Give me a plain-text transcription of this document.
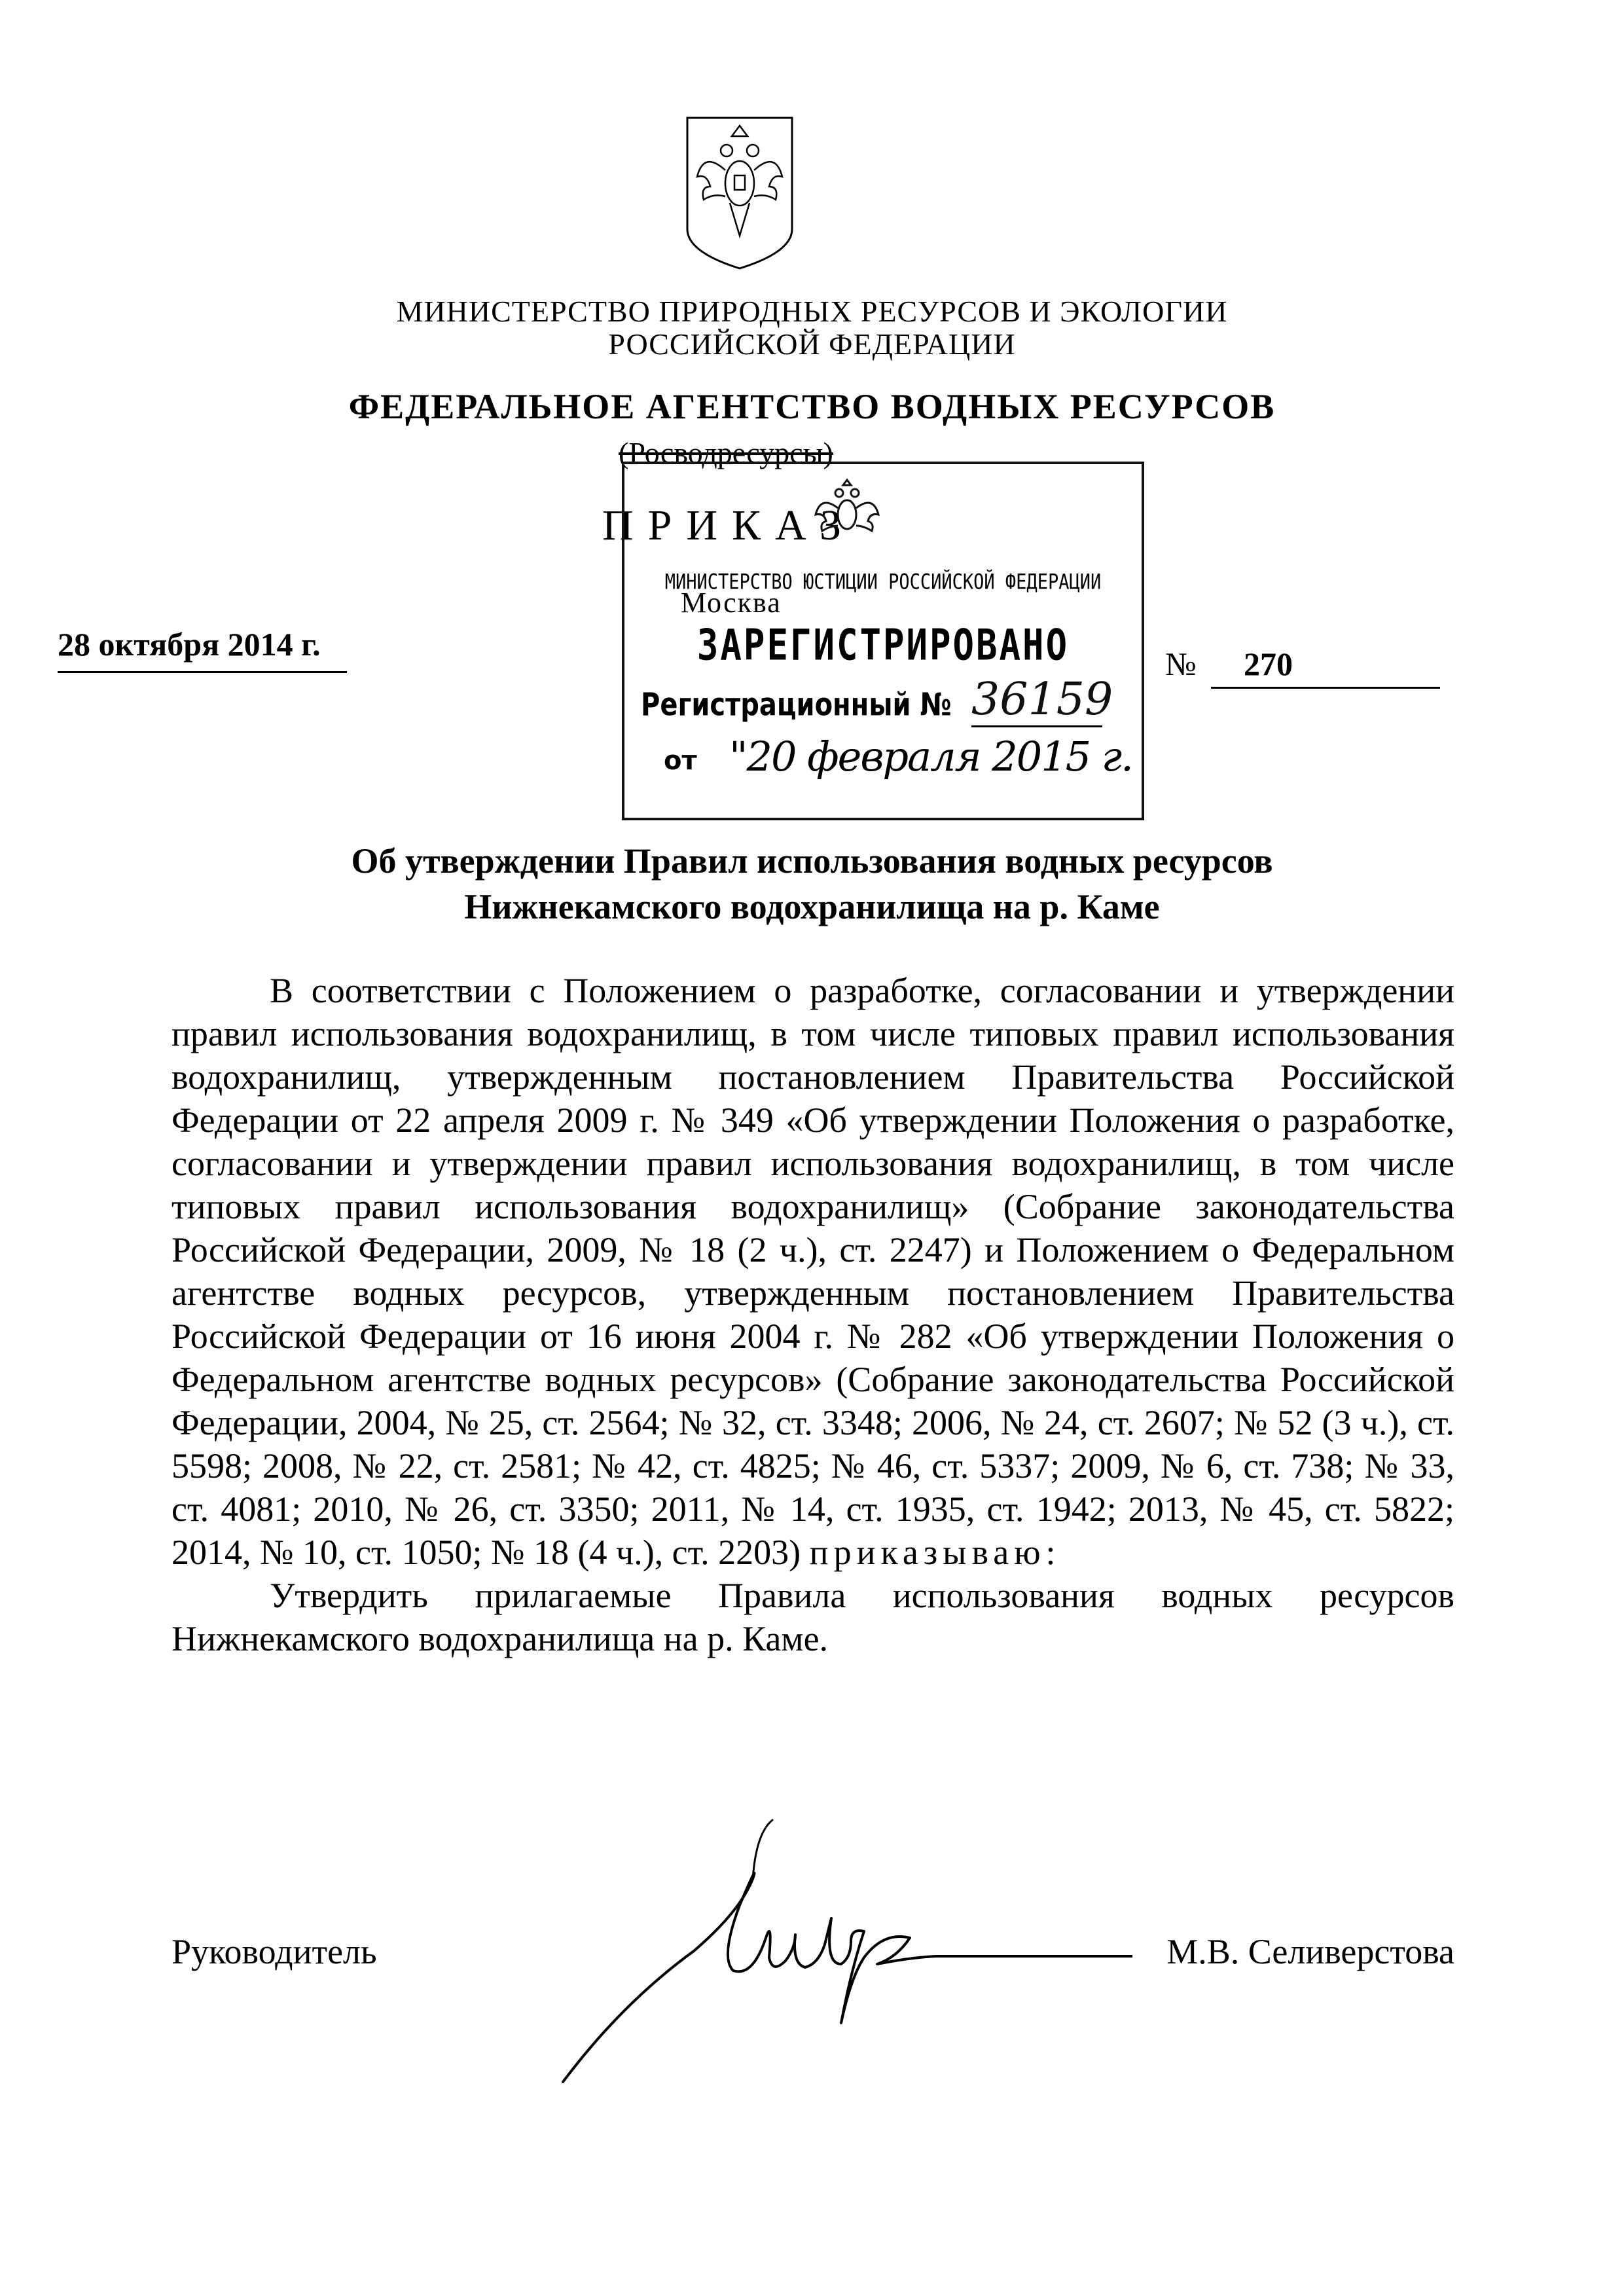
МИНИСТЕРСТВО ПРИРОДНЫХ РЕСУРСОВ И ЭКОЛОГИИ
РОССИЙСКОЙ ФЕДЕРАЦИИ
ФЕДЕРАЛЬНОЕ АГЕНТСТВО ВОДНЫХ РЕСУРСОВ
(Росводресурсы)
ПРИКАЗ
28 октября 2014 г.
№ 270
МИНИСТЕРСТВО ЮСТИЦИИ РОССИЙСКОЙ ФЕДЕРАЦИИ
ЗАРЕГИСТРИРОВАНО
Регистрационный № 36159
от "20 февраля 2015 г.
Москва
Об утверждении Правил использования водных ресурсов
Нижнекамского водохранилища на р. Каме

В соответствии с Положением о разработке, согласовании и утверждении правил использования водохранилищ, в том числе типовых правил использования водохранилищ, утвержденным постановлением Правительства Российской Федерации от 22 апреля 2009 г. № 349 «Об утверждении Положения о разработке, согласовании и утверждении правил использования водохранилищ, в том числе типовых правил использования водохранилищ» (Собрание законодательства Российской Федерации, 2009, № 18 (2 ч.), ст. 2247) и Положением о Федеральном агентстве водных ресурсов, утвержденным постановлением Правительства Российской Федерации от 16 июня 2004 г. № 282 «Об утверждении Положения о Федеральном агентстве водных ресурсов» (Собрание законодательства Российской Федерации, 2004, № 25, ст. 2564; № 32, ст. 3348; 2006, № 24, ст. 2607; № 52 (3 ч.), ст. 5598; 2008, № 22, ст. 2581; № 42, ст. 4825; № 46, ст. 5337; 2009, № 6, ст. 738; № 33, ст. 4081; 2010, № 26, ст. 3350; 2011, № 14, ст. 1935, ст. 1942; 2013, № 45, ст. 5822; 2014, № 10, ст. 1050; № 18 (4 ч.), ст. 2203) приказываю:

Утвердить прилагаемые Правила использования водных ресурсов Нижнекамского водохранилища на р. Каме.

Руководитель	М.В. Селиверстова
